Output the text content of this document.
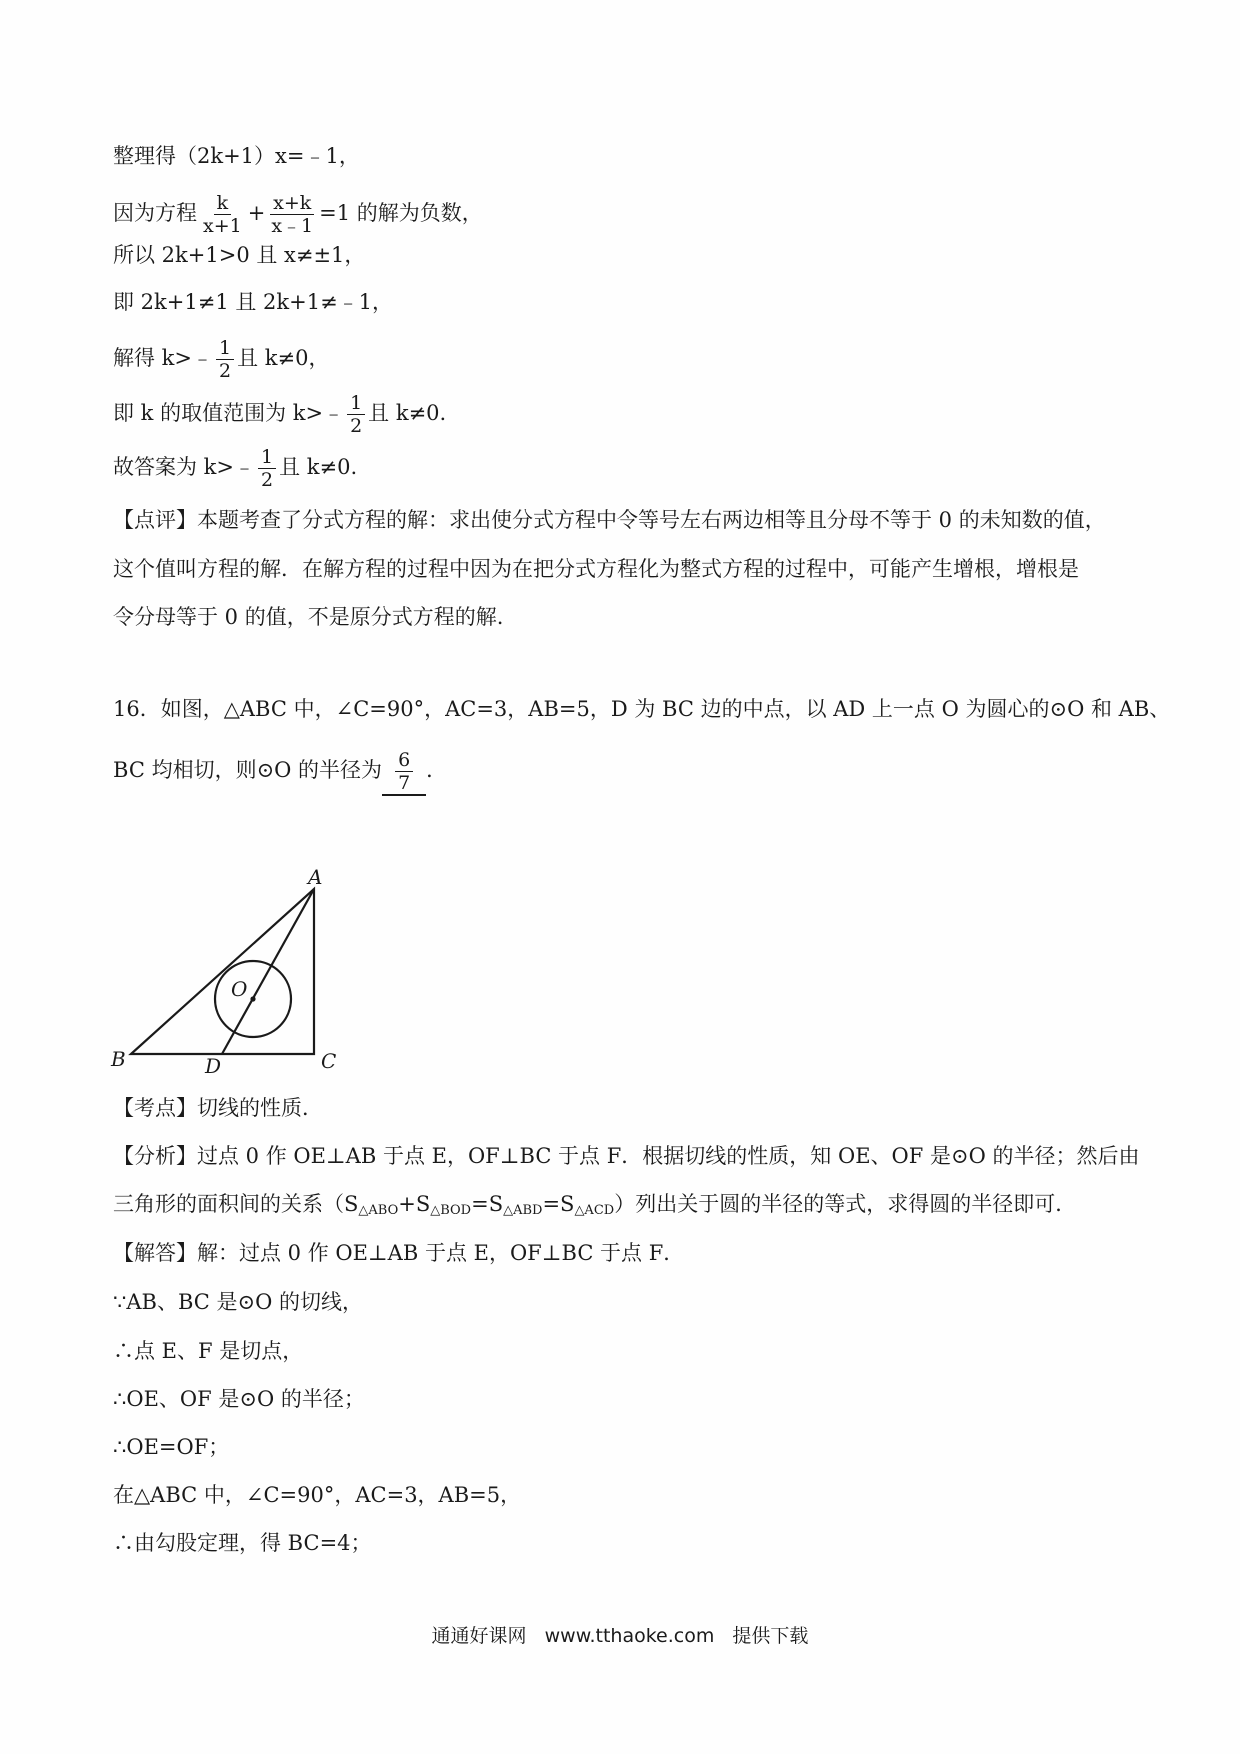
整理得（2k+1）x=﹣1，
因为方程 $\frac{k}{x+1} + \frac{x+k}{x﹣1} =1$ 的解为负数，
所以 2k+1>0 且 x≠±1，
即 2k+1≠1 且 2k+1≠﹣1，
解得 k>﹣ $\frac{1}{2}$ 且 k≠0，
即 k 的取值范围为 k>﹣ $\frac{1}{2}$ 且 k≠0.
故答案为 k>﹣ $\frac{1}{2}$ 且 k≠0.
【点评】本题考查了分式方程的解：求出使分式方程中令等号左右两边相等且分母不等于 0 的未知数的值，
这个值叫方程的解．在解方程的过程中因为在把分式方程化为整式方程的过程中，可能产生增根，增根是
令分母等于 0 的值，不是原分式方程的解.
16．如图，△ABC 中，∠C=90°，AC=3，AB=5，D 为 BC 边的中点，以 AD 上一点 O 为圆心的⊙O 和 AB、
BC 均相切，则⊙O 的半径为 $\frac{6}{7}$ ．
A
B	C
D
O
【考点】切线的性质．
【分析】过点 0 作 OE⊥AB 于点 E，OF⊥BC 于点 F．根据切线的性质，知 OE、OF 是⊙O 的半径；然后由
三角形的面积间的关系$(S_{\triangle ABO}+S_{\triangle BOD}=S_{\triangle ABD}=S_{\triangle ACD})$列出关于圆的半径的等式，求得圆的半径即可．
【解答】解：过点 0 作 OE⊥AB 于点 E，OF⊥BC 于点 F．
∵AB、BC 是⊙O 的切线，
∴点 E、F 是切点，
∴OE、OF 是⊙O 的半径；
∴OE=OF；
在△ABC 中，∠C=90°，AC=3，AB=5，
∴由勾股定理，得 BC=4；
通通好课网 www.tthaoke.com 提供下载
